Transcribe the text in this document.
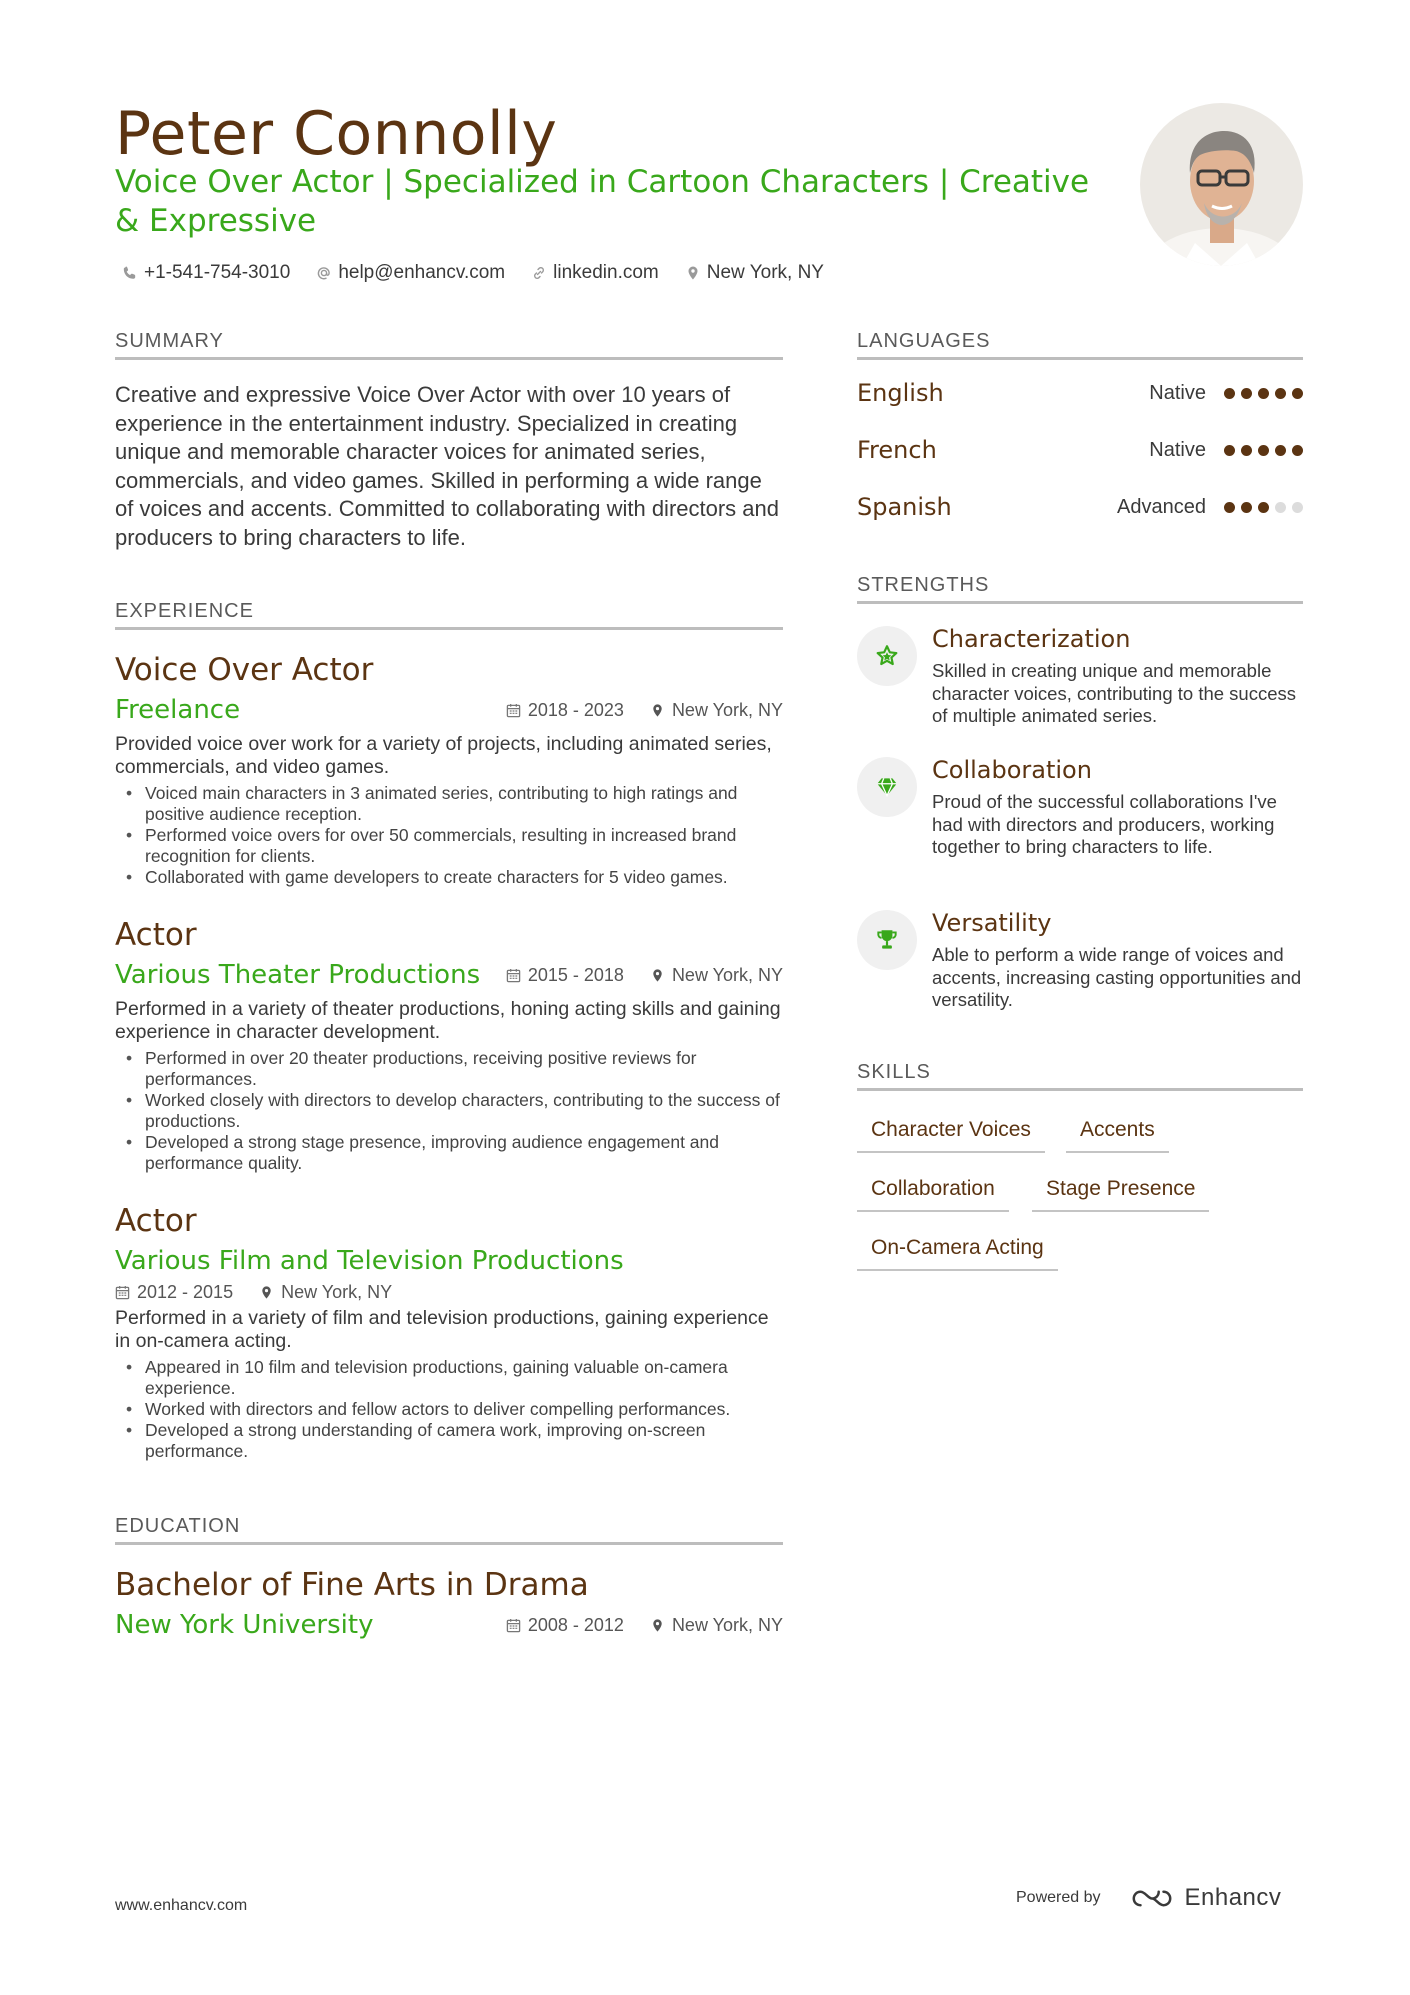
Peter Connolly
Voice Over Actor | Specialized in Cartoon Characters | Creative & Expressive
+1-541-754-3010	help@enhancv.com	linkedin.com	New York, NY
SUMMARY

Creative and expressive Voice Over Actor with over 10 years of experience in the entertainment industry. Specialized in creating unique and memorable character voices for animated series, commercials, and video games. Skilled in performing a wide range of voices and accents. Committed to collaborating with directors and producers to bring characters to life.

EXPERIENCE
Voice Over Actor
Freelance	2018 - 2023	New York, NY
Provided voice over work for a variety of projects, including animated series, commercials, and video games.
• Voiced main characters in 3 animated series, contributing to high ratings and positive audience reception.
• Performed voice overs for over 50 commercials, resulting in increased brand recognition for clients.
• Collaborated with game developers to create characters for 5 video games.
Actor
Various Theater Productions	2015 - 2018	New York, NY
Performed in a variety of theater productions, honing acting skills and gaining experience in character development.
• Performed in over 20 theater productions, receiving positive reviews for performances.
• Worked closely with directors to develop characters, contributing to the success of productions.
• Developed a strong stage presence, improving audience engagement and performance quality.
Actor
Various Film and Television Productions
2012 - 2015	New York, NY
Performed in a variety of film and television productions, gaining experience in on-camera acting.
• Appeared in 10 film and television productions, gaining valuable on-camera experience.
• Worked with directors and fellow actors to deliver compelling performances.
• Developed a strong understanding of camera work, improving on-screen performance.
EDUCATION
Bachelor of Fine Arts in Drama
New York University	2008 - 2012	New York, NY
LANGUAGES
English	Native
French	Native
Spanish	Advanced
STRENGTHS
Characterization
Skilled in creating unique and memorable character voices, contributing to the success of multiple animated series.
Collaboration
Proud of the successful collaborations I've had with directors and producers, working together to bring characters to life.
Versatility
Able to perform a wide range of voices and accents, increasing casting opportunities and versatility.
SKILLS
Character Voices	Accents
Collaboration	Stage Presence
On-Camera Acting
www.enhancv.com	Powered by	Enhancv
